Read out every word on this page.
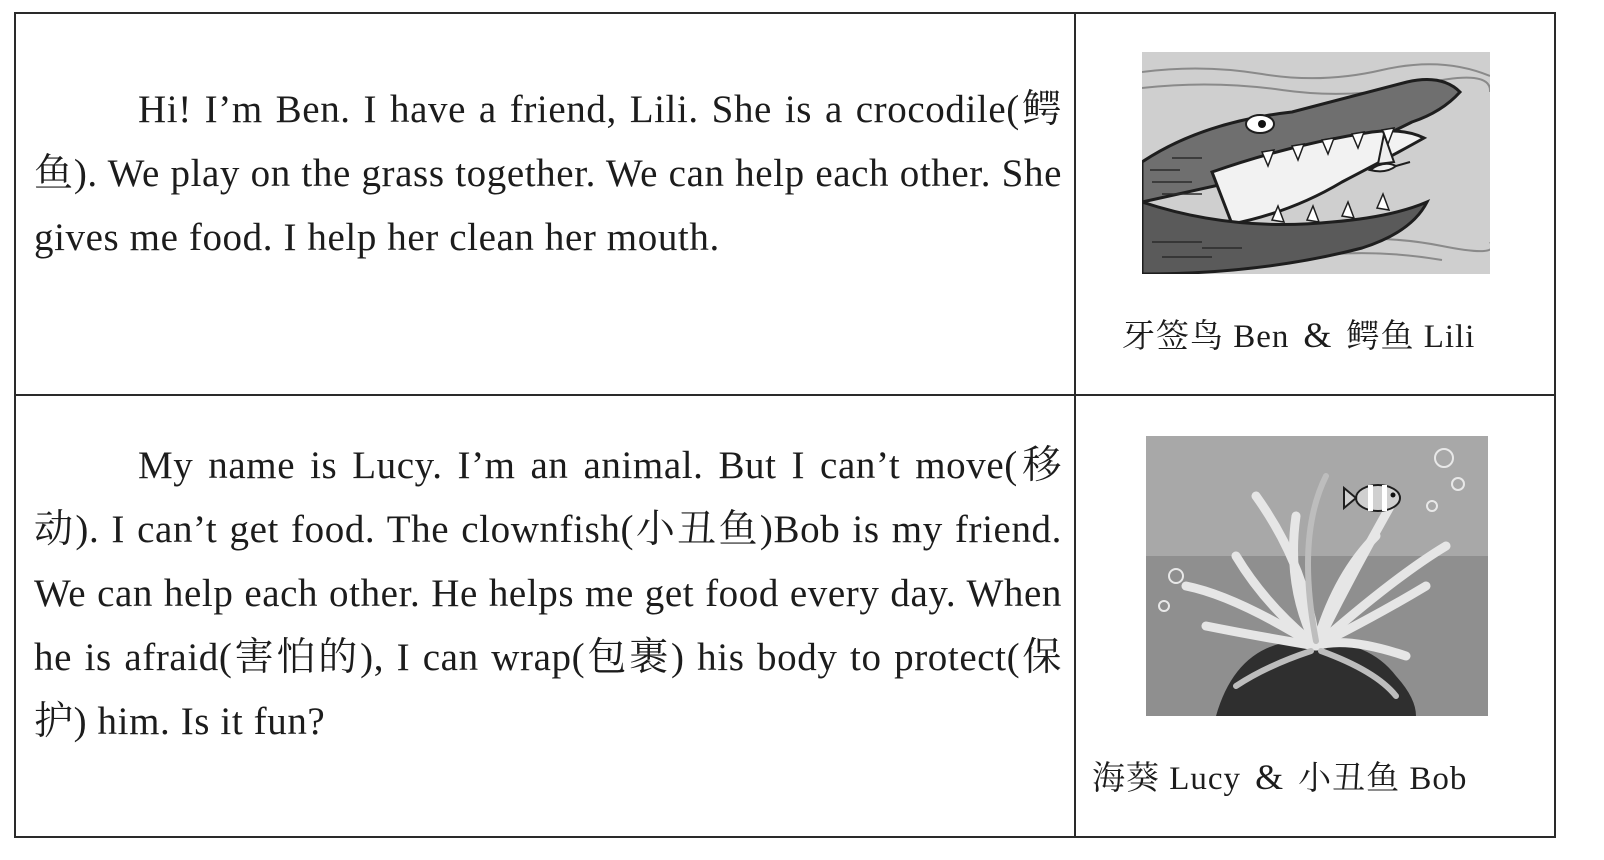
Hi! I’m Ben. I have a friend, Lili. She is a crocodile(鳄鱼). We play on the grass together. We can help each other. She gives me food. I help her clean her mouth.

牙签鸟 Ben & 鳄鱼 Lili

My name is Lucy. I’m an animal. But I can’t move(移动). I can’t get food. The clownfish(小丑鱼)Bob is my friend. We can help each other. He helps me get food every day. When he is afraid(害怕的), I can wrap(包裹) his body to protect(保护) him. Is it fun?

海葵 Lucy & 小丑鱼 Bob
